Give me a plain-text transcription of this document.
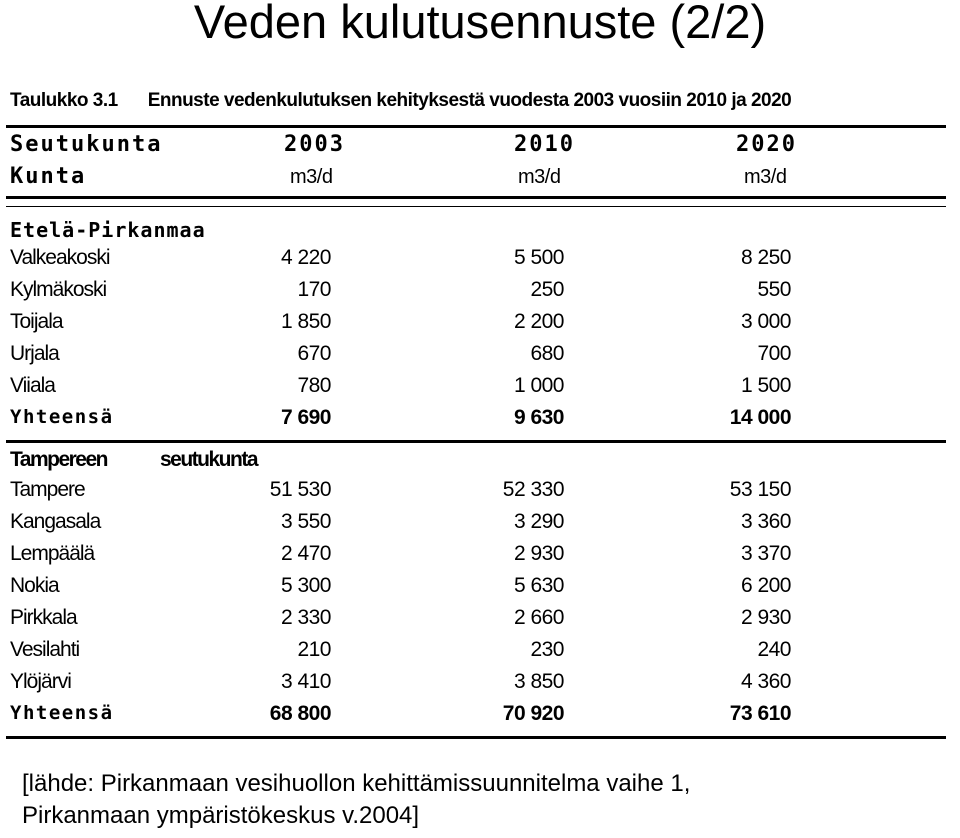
Veden kulutusennuste (2/2)
Taulukko 3.1 Ennuste vedenkulutuksen kehityksestä vuodesta 2003 vuosiin 2010 ja 2020
Seutukunta	2003	2010	2020
Kunta	m3/d	m3/d	m3/d
Etelä-Pirkanmaa
Valkeakoski	4 220	5 500	8 250
Kylmäkoski	170	250	550
Toijala	1 850	2 200	3 000
Urjala	670	680	700
Viiala	780	1 000	1 500
Yhteensä	7 690	9 630	14 000
Tampereen	seutukunta
Tampere	51 530	52 330	53 150
Kangasala	3 550	3 290	3 360
Lempäälä	2 470	2 930	3 370
Nokia	5 300	5 630	6 200
Pirkkala	2 330	2 660	2 930
Vesilahti	210	230	240
Ylöjärvi	3 410	3 850	4 360
Yhteensä	68 800	70 920	73 610
[lähde: Pirkanmaan vesihuollon kehittämissuunnitelma vaihe 1,
Pirkanmaan ympäristökeskus v.2004]
